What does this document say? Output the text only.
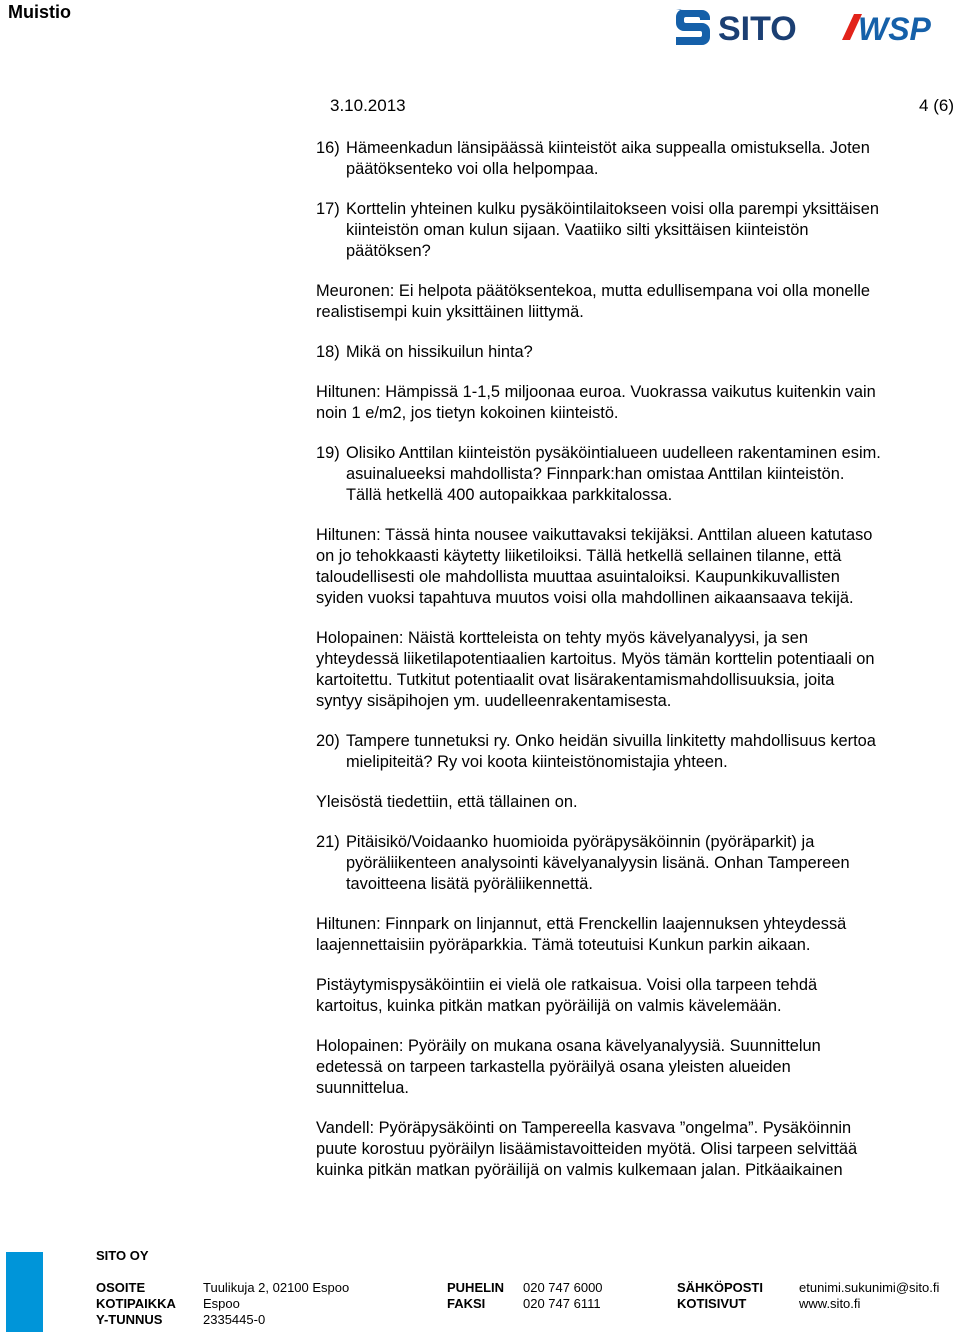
Muistio	SITO WSP
3.10.2013	4 (6)
16) Hämeenkadun länsipäässä kiinteistöt aika suppealla omistuksella. Joten
päätöksenteko voi olla helpompaa.
17) Korttelin yhteinen kulku pysäköintilaitokseen voisi olla parempi yksittäisen
kiinteistön oman kulun sijaan. Vaatiiko silti yksittäisen kiinteistön
päätöksen?
Meuronen: Ei helpota päätöksentekoa, mutta edullisempana voi olla monelle
realistisempi kuin yksittäinen liittymä.
18) Mikä on hissikuilun hinta?
Hiltunen: Hämpissä 1-1,5 miljoonaa euroa. Vuokrassa vaikutus kuitenkin vain
noin 1 e/m2, jos tietyn kokoinen kiinteistö.
19) Olisiko Anttilan kiinteistön pysäköintialueen uudelleen rakentaminen esim.
asuinalueeksi mahdollista? Finnpark:han omistaa Anttilan kiinteistön.
Tällä hetkellä 400 autopaikkaa parkkitalossa.
Hiltunen: Tässä hinta nousee vaikuttavaksi tekijäksi. Anttilan alueen katutaso
on jo tehokkaasti käytetty liiketiloiksi. Tällä hetkellä sellainen tilanne, että
taloudellisesti ole mahdollista muuttaa asuintaloiksi. Kaupunkikuvallisten
syiden vuoksi tapahtuva muutos voisi olla mahdollinen aikaansaava tekijä.
Holopainen: Näistä kortteleista on tehty myös kävelyanalyysi, ja sen
yhteydessä liiketilapotentiaalien kartoitus. Myös tämän korttelin potentiaali on
kartoitettu. Tutkitut potentiaalit ovat lisärakentamismahdollisuuksia, joita
syntyy sisäpihojen ym. uudelleenrakentamisesta.
20) Tampere tunnetuksi ry. Onko heidän sivuilla linkitetty mahdollisuus kertoa
mielipiteitä? Ry voi koota kiinteistönomistajia yhteen.
Yleisöstä tiedettiin, että tällainen on.
21) Pitäisikö/Voidaanko huomioida pyöräpysäköinnin (pyöräparkit) ja
pyöräliikenteen analysointi kävelyanalyysin lisänä. Onhan Tampereen
tavoitteena lisätä pyöräliikennettä.
Hiltunen: Finnpark on linjannut, että Frenckellin laajennuksen yhteydessä
laajennettaisiin pyöräparkkia. Tämä toteutuisi Kunkun parkin aikaan.
Pistäytymispysäköintiin ei vielä ole ratkaisua. Voisi olla tarpeen tehdä
kartoitus, kuinka pitkän matkan pyöräilijä on valmis kävelemään.
Holopainen: Pyöräily on mukana osana kävelyanalyysiä. Suunnittelun
edetessä on tarpeen tarkastella pyöräilyä osana yleisten alueiden
suunnittelua.
Vandell: Pyöräpysäköinti on Tampereella kasvava ”ongelma”. Pysäköinnin
puute korostuu pyöräilyn lisäämistavoitteiden myötä. Olisi tarpeen selvittää
kuinka pitkän matkan pyöräilijä on valmis kulkemaan jalan. Pitkäaikainen
SITO OY
OSOITE
KOTIPAIKKA
Y-TUNNUS
Tuulikuja 2, 02100 Espoo
Espoo
2335445-0
PUHELIN
FAKSI
020 747 6000
020 747 6111
SÄHKÖPOSTI
KOTISIVUT
etunimi.sukunimi@sito.fi
www.sito.fi
